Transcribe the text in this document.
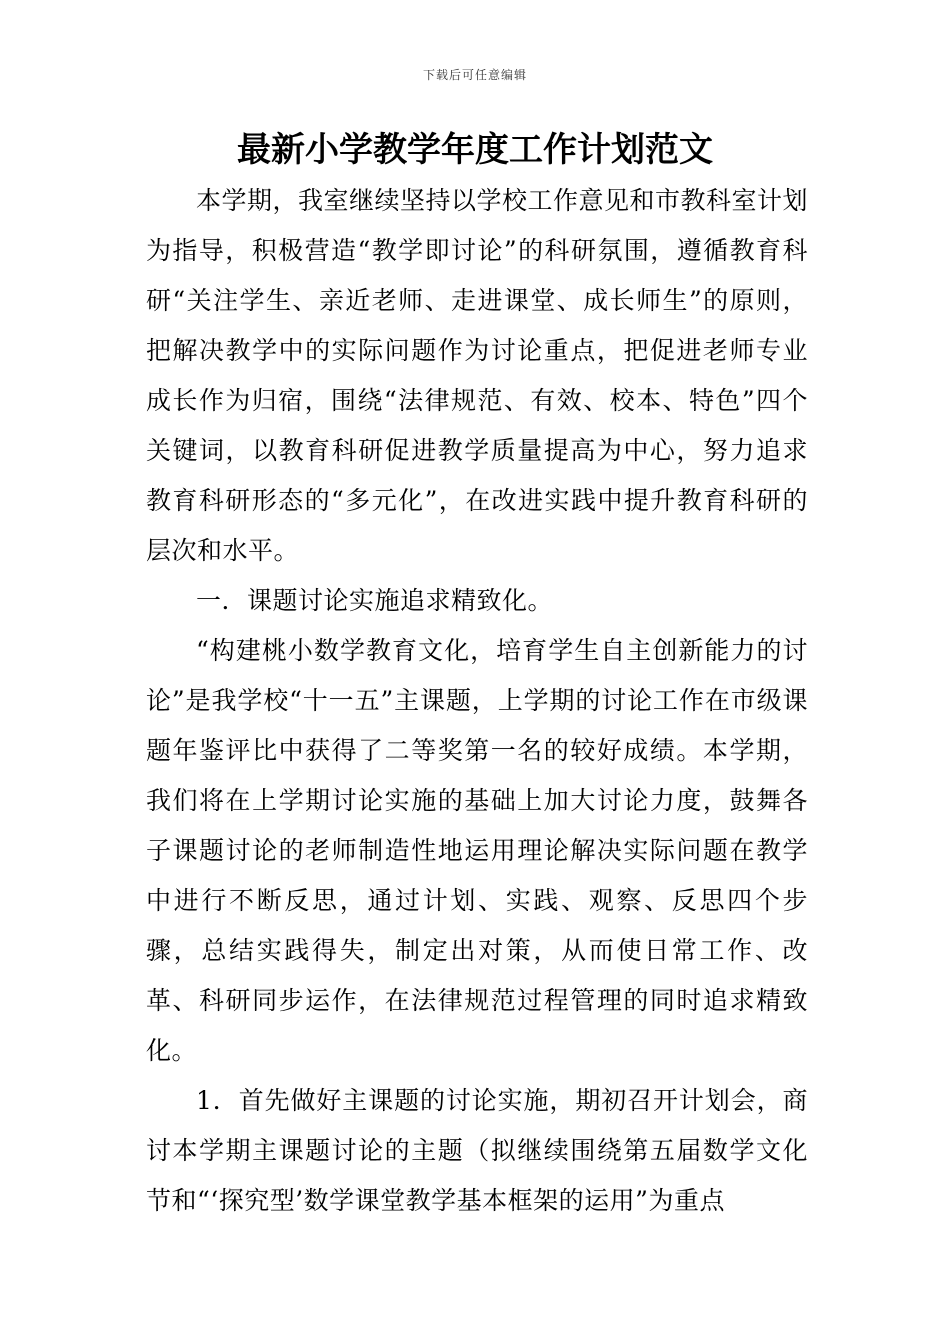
下载后可任意编辑
最新小学教学年度工作计划范文

本学期，我室继续坚持以学校工作意见和市教科室计划为指导，积极营造“教学即讨论”的科研氛围，遵循教育科研“关注学生、亲近老师、走进课堂、成长师生”的原则，把解决教学中的实际问题作为讨论重点，把促进老师专业成长作为归宿，围绕“法律规范、有效、校本、特色”四个关键词，以教育科研促进教学质量提高为中心，努力追求教育科研形态的“多元化”，在改进实践中提升教育科研的层次和水平。

一．课题讨论实施追求精致化。

“构建桃小数学教育文化，培育学生自主创新能力的讨论”是我学校“十一五”主课题，上学期的讨论工作在市级课题年鉴评比中获得了二等奖第一名的较好成绩。本学期，我们将在上学期讨论实施的基础上加大讨论力度，鼓舞各子课题讨论的老师制造性地运用理论解决实际问题在教学中进行不断反思，通过计划、实践、观察、反思四个步骤，总结实践得失，制定出对策，从而使日常工作、改革、科研同步运作，在法律规范过程管理的同时追求精致化。

1．首先做好主课题的讨论实施，期初召开计划会，商讨本学期主课题讨论的主题（拟继续围绕第五届数学文化节和“‘探究型’数学课堂教学基本框架的运用”为重点
